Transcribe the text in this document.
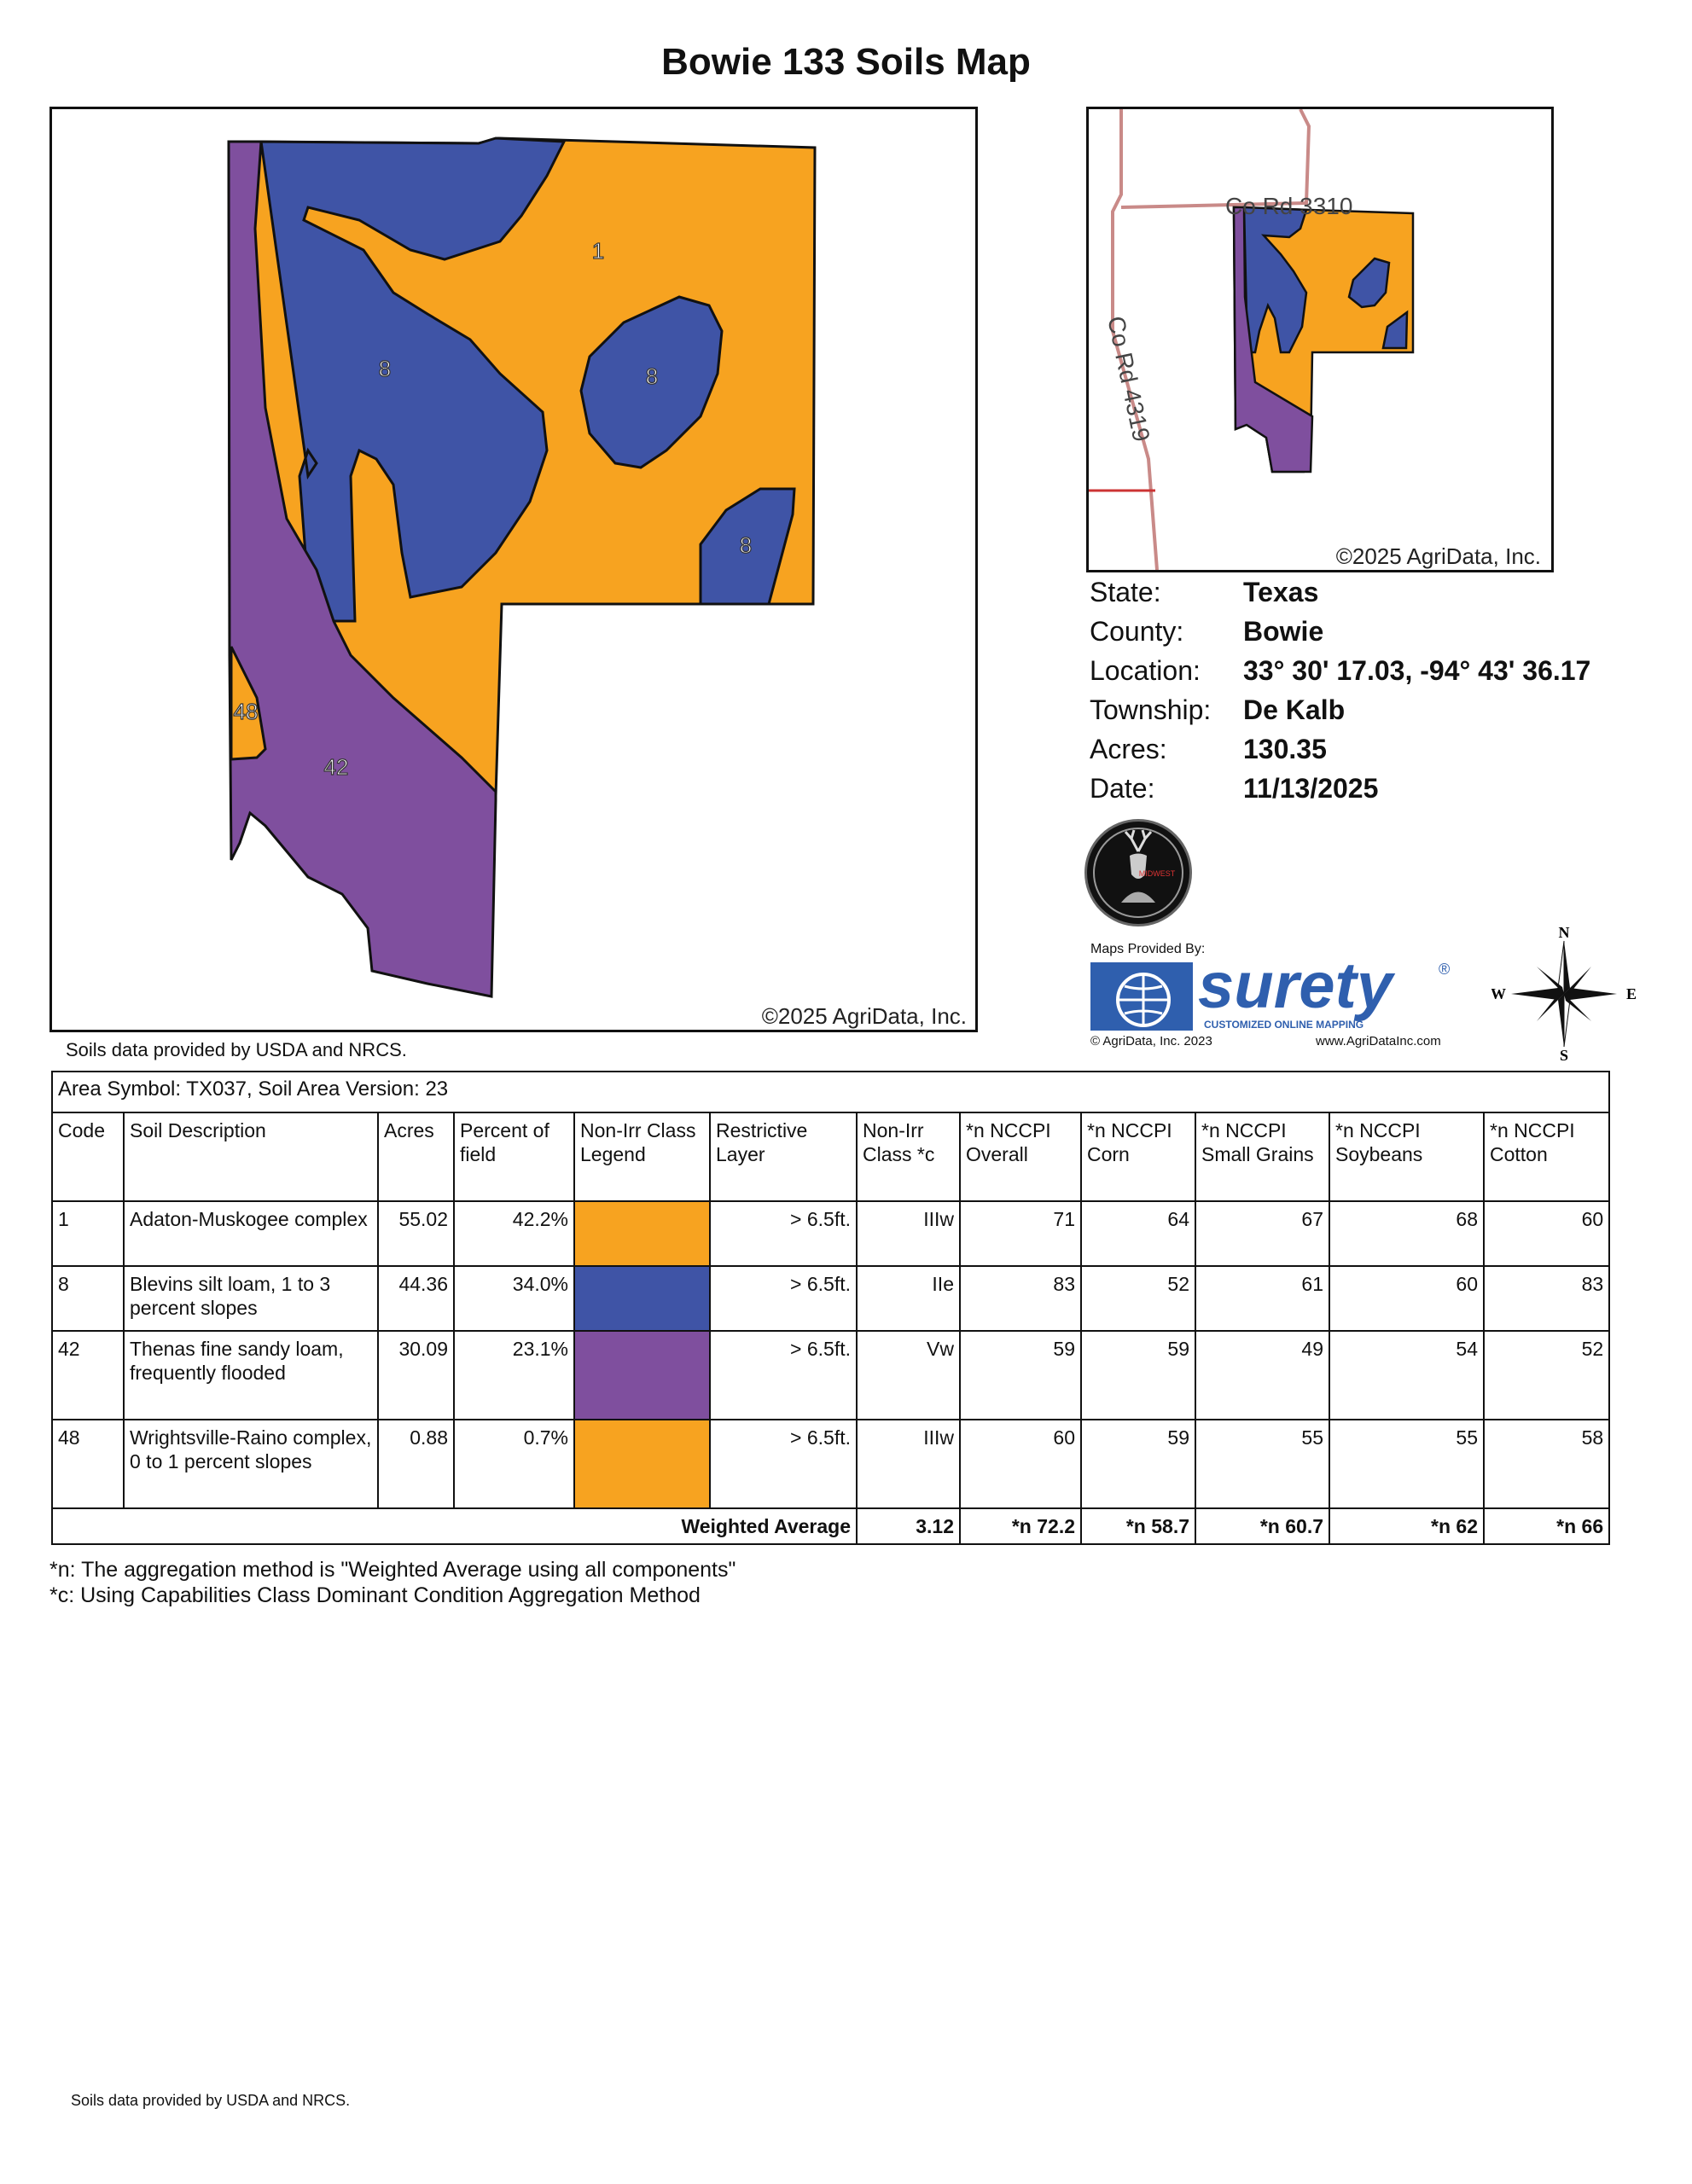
Bowie 133 Soils Map
1
8	8
8
48
42
©2025 AgriData, Inc.
Soils data provided by USDA and NRCS.
Co Rd 3310
Co Rd 4319
©2025 AgriData, Inc.
State:	Texas
County:	Bowie
Location:	33° 30' 17.03, -94° 43' 36.17
Township:	De Kalb
Acres:	130.35
Date:	11/13/2025
MIDWEST
Maps Provided By:
surety	®
CUSTOMIZED ONLINE MAPPING
© AgriData, Inc. 2023	www.AgriDataInc.com
N
S
E
W
Area Symbol: TX037, Soil Area Version: 23											
Code	Soil Description	Acres	Percent of field	Non-Irr Class Legend	Restrictive Layer	Non-Irr Class *c	*n NCCPI Overall	*n NCCPI Corn	*n NCCPI Small Grains	*n NCCPI Soybeans	*n NCCPI Cotton
1	Adaton-Muskogee complex	55.02	42.2%		> 6.5ft.	IIIw	71	64	67	68	60
8	Blevins silt loam, 1 to 3 percent slopes	44.36	34.0%		> 6.5ft.	IIe	83	52	61	60	83
42	Thenas fine sandy loam, frequently flooded	30.09	23.1%		> 6.5ft.	Vw	59	59	49	54	52
48	Wrightsville-Raino complex, 0 to 1 percent slopes	0.88	0.7%		> 6.5ft.	IIIw	60	59	55	55	58
Weighted Average						3.12	*n 72.2	*n 58.7	*n 60.7	*n 62	*n 66
*n: The aggregation method is "Weighted Average using all components"
*c: Using Capabilities Class Dominant Condition Aggregation Method
Soils data provided by USDA and NRCS.
